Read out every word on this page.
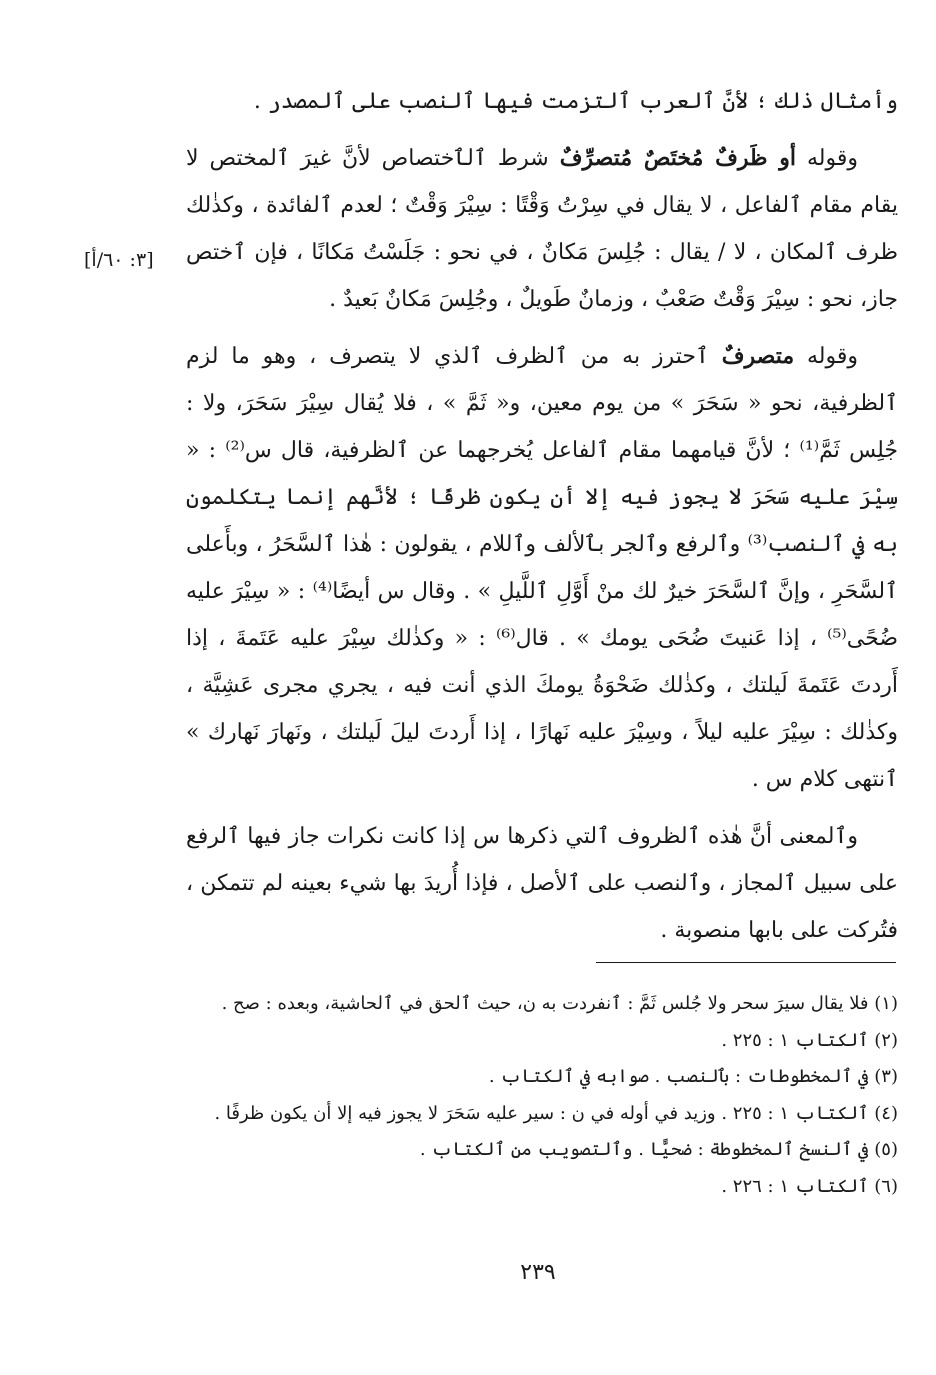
وأمثال ذلك ؛ لأنَّ ٱلعرب ٱلتزمت فيها ٱلنصب على ٱلمصدر .

وقوله أو ظَرفٌ مُختَصٌ مُتصرِّفٌ شرط ٱلٱختصاص لأنَّ غيرَ ٱلمختص لا يقام مقام ٱلفاعل ، لا يقال في سِرْتُ وَقْتًا : سِيْرَ وَقْتٌ ؛ لعدم ٱلفائدة ، وكذٰلك ظرف ٱلمكان ، لا / يقال : جُلِسَ مَكانٌ ، في نحو : جَلَسْتُ مَكانًا ، فإن ٱختص جاز، نحو : سِيْرَ وَقْتٌ صَعْبٌ ، وزمانٌ طَويلٌ ، وجُلِسَ مَكانٌ بَعيدٌ .

وقوله متصرفٌ ٱحترز به من ٱلظرف ٱلذي لا يتصرف ، وهو ما لزم ٱلظرفية، نحو « سَحَرَ » من يوم معين، و« ثَمَّ » ، فلا يُقال سِيْرَ سَحَرَ، ولا : جُلِس ثَمَّ⁽¹⁾ ؛ لأنَّ قيامهما مقام ٱلفاعل يُخرجهما عن ٱلظرفية، قال س⁽²⁾ : « سِيْرَ عليه سَحَرَ لا يجوز فيه إلا أن يكون ظرفًا ؛ لأنَّهم إنما يتكلمون به في ٱلنصب⁽³⁾ وٱلرفع وٱلجر بٱلألف وٱللام ، يقولون : هٰذا ٱلسَّحَرُ ، وبأَعلى ٱلسَّحَرِ ، وإنَّ ٱلسَّحَرَ خيرٌ لك منْ أَوَّلِ ٱللَّيلِ » . وقال س أيضًا⁽⁴⁾ : « سِيْرَ عليه ضُحًى⁽⁵⁾ ، إذا عَنيتَ ضُحَى يومك » . قال⁽⁶⁾ : « وكذٰلك سِيْرَ عليه عَتَمةَ ، إذا أَردتَ عَتَمةَ لَيلتك ، وكذٰلك ضَحْوَةُ يومكَ الذي أنت فيه ، يجري مجرى عَشِيَّة ، وكذٰلك : سِيْرَ عليه ليلاً ، وسِيْرَ عليه نَهارًا ، إذا أَردتَ ليلَ لَيلتك ، ونَهارَ نَهارك » ٱنتهى كلام س .

وٱلمعنى أنَّ هٰذه ٱلظروف ٱلتي ذكرها س إذا كانت نكرات جاز فيها ٱلرفع على سبيل ٱلمجاز ، وٱلنصب على ٱلأصل ، فإذا أُريدَ بها شيء بعينه لم تتمكن ، فتُركت على بابها منصوبة .

[٣: ٦٠/أ]

(١) فلا يقال سيرَ سحر ولا جُلس ثَمَّ : ٱنفردت به ن، حيث ٱلحق في ٱلحاشية، وبعده : صح .

(٢) ٱلكتاب ١ : ٢٢٥ .

(٣) في ٱلمخطوطات : بٱلنصب . صوابه في ٱلكتاب .

(٤) ٱلكتاب ١ : ٢٢٥ . وزيد في أوله في ن : سير عليه سَحَرَ لا يجوز فيه إلا أن يكون ظرفًا .

(٥) في ٱلنسخ ٱلمخطوطة : ضحيًّا . وٱلتصويب من ٱلكتاب .

(٦) ٱلكتاب ١ : ٢٢٦ .

٢٣٩
